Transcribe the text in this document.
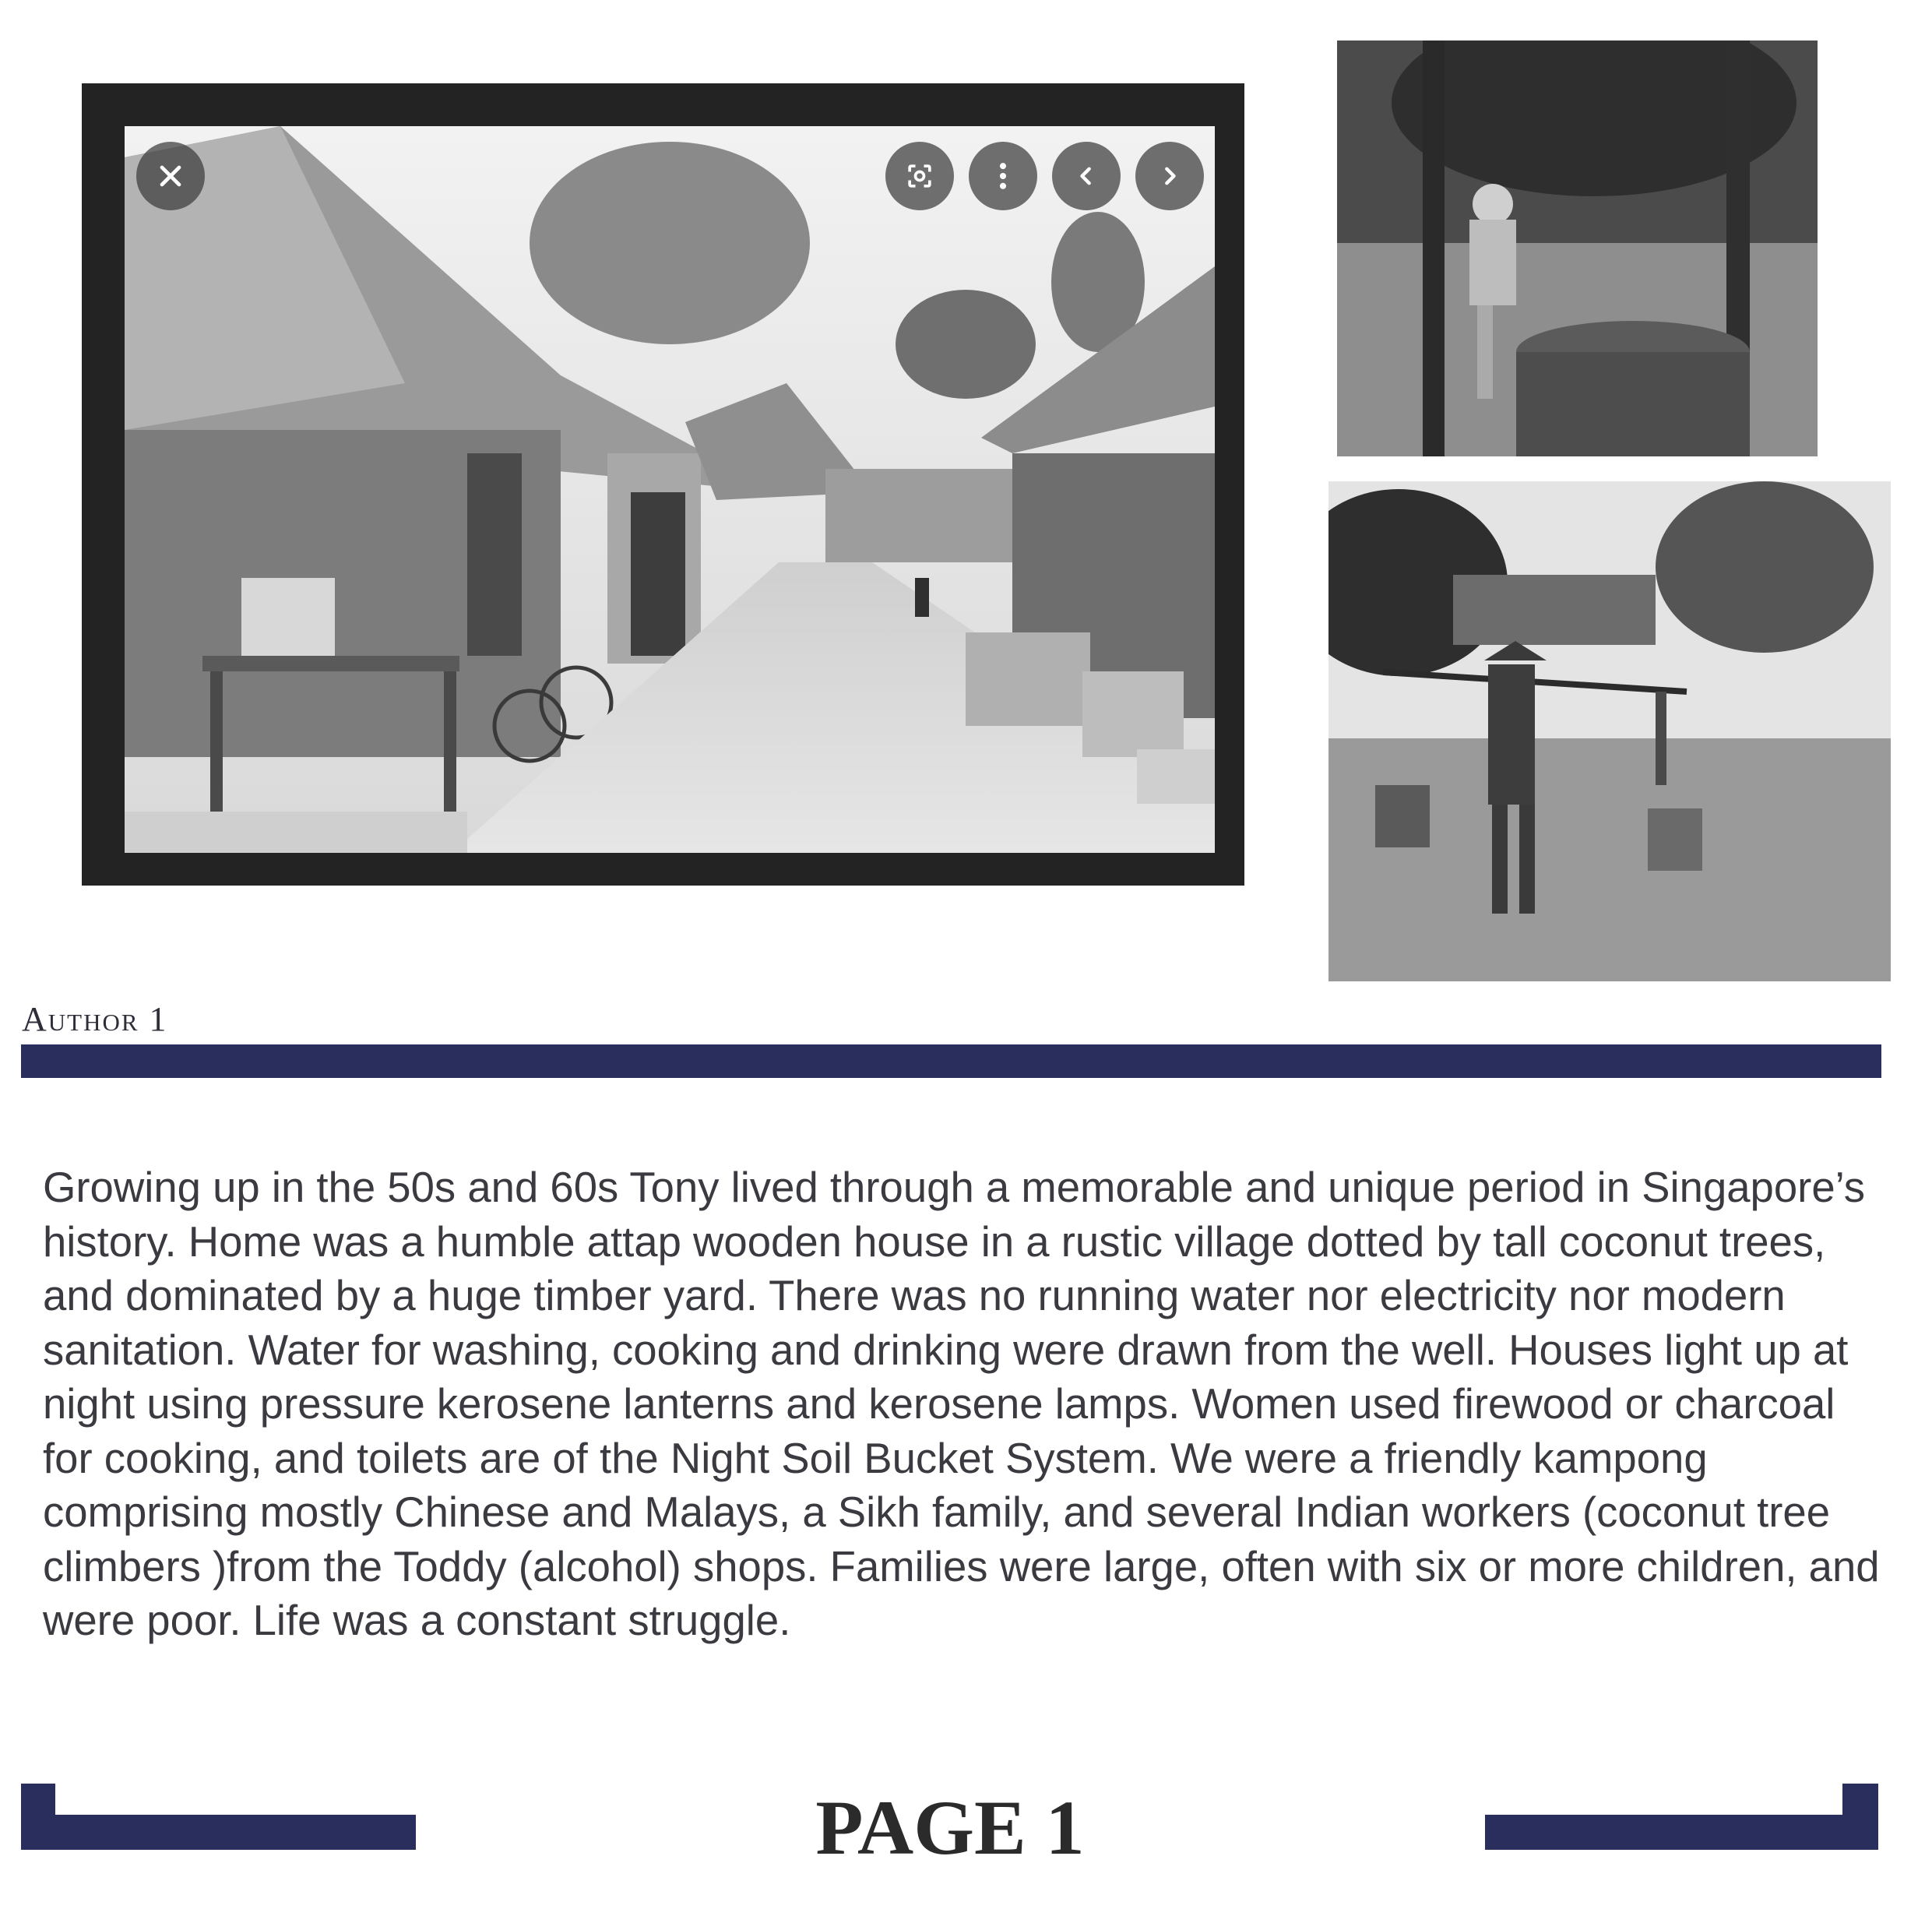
Author 1

Growing up in the 50s and 60s Tony lived through a memorable and unique period in Singapore’s history. Home was a humble attap wooden house in a rustic village dotted by tall coconut trees, and dominated by a huge timber yard. There was no running water nor electricity nor modern sanitation. Water for washing, cooking and drinking were drawn from the well. Houses light up at night using pressure kerosene lanterns and kerosene lamps. Women used firewood or charcoal for cooking, and toilets are of the Night Soil Bucket System. We were a friendly kampong comprising mostly Chinese and Malays, a Sikh family, and several Indian workers (coconut tree climbers )from the Toddy (alcohol) shops. Families were large, often with six or more children, and were poor. Life was a constant struggle.

PAGE 1
